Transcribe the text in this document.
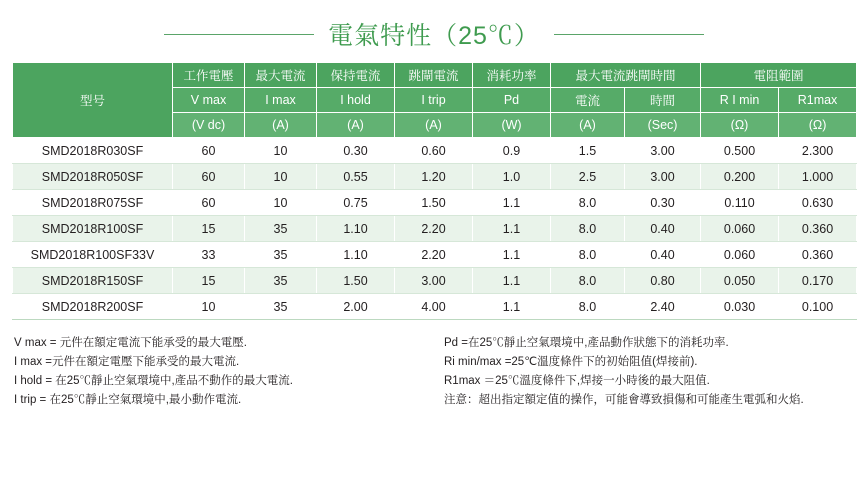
電氣特性（25℃）
型号	工作電壓	最大電流	保持電流	跳閘電流	消耗功率	最大電流跳閘時間		電阻範圍	
	V max	I max	I hold	I trip	Pd	電流	時間	R I min	R1max
	(V dc)	(A)	(A)	(A)	(W)	(A)	(Sec)	(Ω)	(Ω)
SMD2018R030SF	60	10	0.30	0.60	0.9	1.5	3.00	0.500	2.300
SMD2018R050SF	60	10	0.55	1.20	1.0	2.5	3.00	0.200	1.000
SMD2018R075SF	60	10	0.75	1.50	1.1	8.0	0.30	0.110	0.630
SMD2018R100SF	15	35	1.10	2.20	1.1	8.0	0.40	0.060	0.360
SMD2018R100SF33V	33	35	1.10	2.20	1.1	8.0	0.40	0.060	0.360
SMD2018R150SF	15	35	1.50	3.00	1.1	8.0	0.80	0.050	0.170
SMD2018R200SF	10	35	2.00	4.00	1.1	8.0	2.40	0.030	0.100
V max = 元件在額定電流下能承受的最大電壓.
I max =元件在額定電壓下能承受的最大電流.
I hold = 在25℃靜止空氣環境中,產品不動作的最大電流.
I trip = 在25℃靜止空氣環境中,最小動作電流.
Pd =在25℃靜止空氣環境中,產品動作狀態下的消耗功率.
Ri min/max =25℃溫度條件下的初始阻值(焊接前).
R1max ＝25℃溫度條件下,焊接一小時後的最大阻值.
注意：超出指定額定值的操作，可能會導致損傷和可能產生電弧和火焰.
